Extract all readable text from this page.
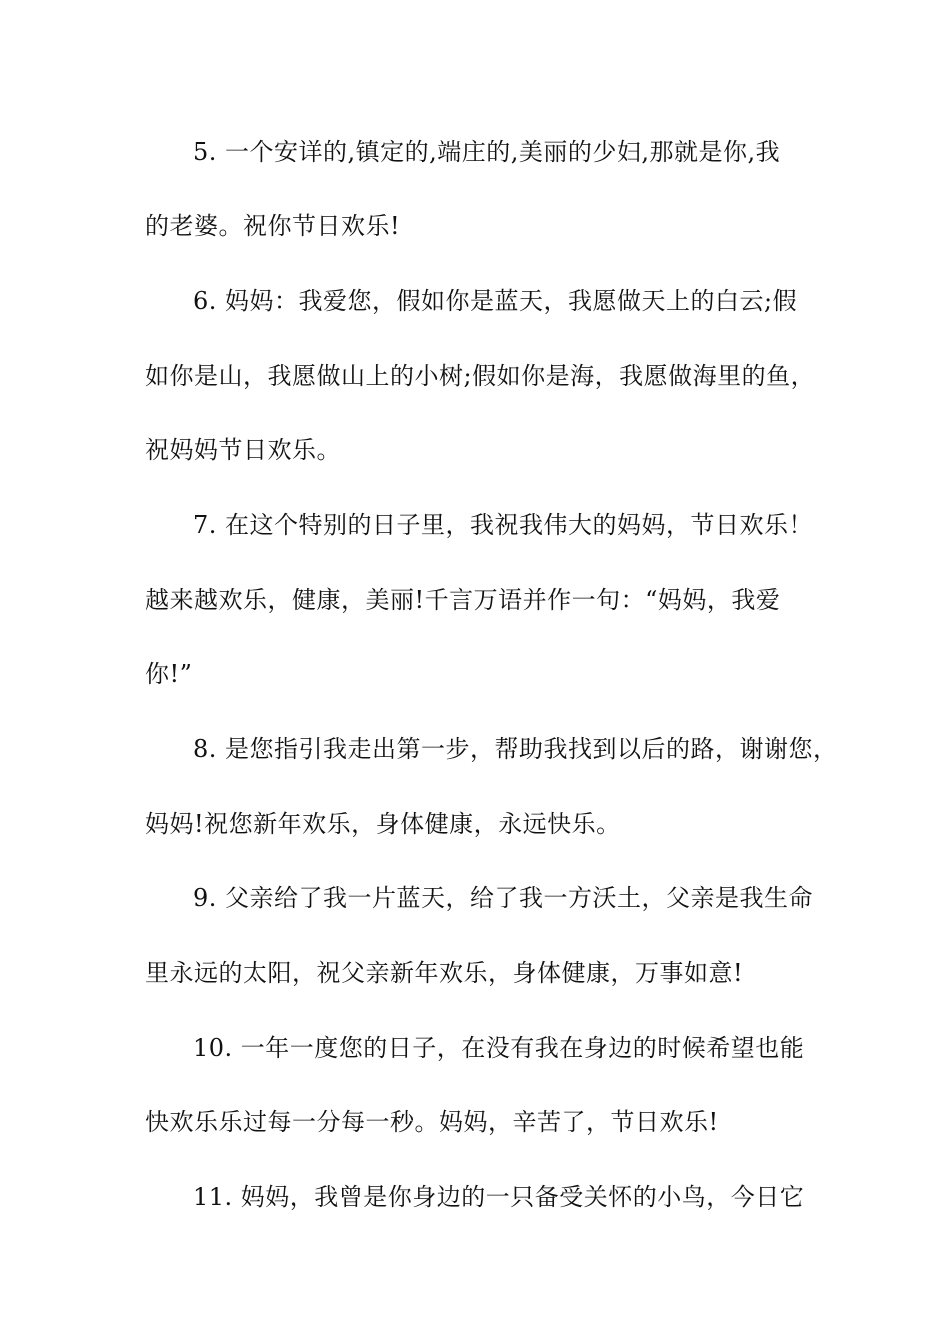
5. 一个安详的,镇定的,端庄的,美丽的少妇,那就是你,我
的老婆。祝你节日欢乐!
6. 妈妈：我爱您，假如你是蓝天，我愿做天上的白云;假
如你是山，我愿做山上的小树;假如你是海，我愿做海里的鱼，
祝妈妈节日欢乐。
7. 在这个特别的日子里，我祝我伟大的妈妈，节日欢乐！
越来越欢乐，健康，美丽!千言万语并作一句：“妈妈，我爱
你!”
8. 是您指引我走出第一步，帮助我找到以后的路，谢谢您，
妈妈!祝您新年欢乐，身体健康，永远快乐。
9. 父亲给了我一片蓝天，给了我一方沃土，父亲是我生命
里永远的太阳，祝父亲新年欢乐，身体健康，万事如意!
10. 一年一度您的日子，在没有我在身边的时候希望也能
快欢乐乐过每一分每一秒。妈妈，辛苦了，节日欢乐!
11. 妈妈，我曾是你身边的一只备受关怀的小鸟，今日它
